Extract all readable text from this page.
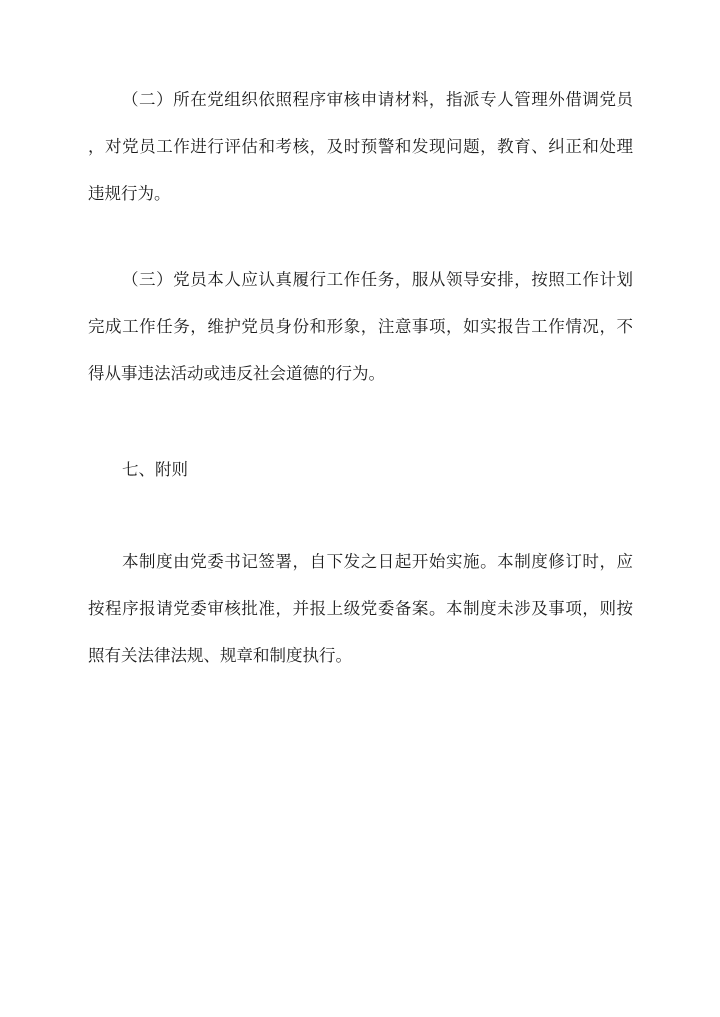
（二）所在党组织依照程序审核申请材料，指派专人管理外借调党员
，对党员工作进行评估和考核，及时预警和发现问题，教育、纠正和处理
违规行为。
（三）党员本人应认真履行工作任务，服从领导安排，按照工作计划
完成工作任务，维护党员身份和形象，注意事项，如实报告工作情况，不
得从事违法活动或违反社会道德的行为。
七、附则
本制度由党委书记签署，自下发之日起开始实施。本制度修订时，应
按程序报请党委审核批准，并报上级党委备案。本制度未涉及事项，则按
照有关法律法规、规章和制度执行。
